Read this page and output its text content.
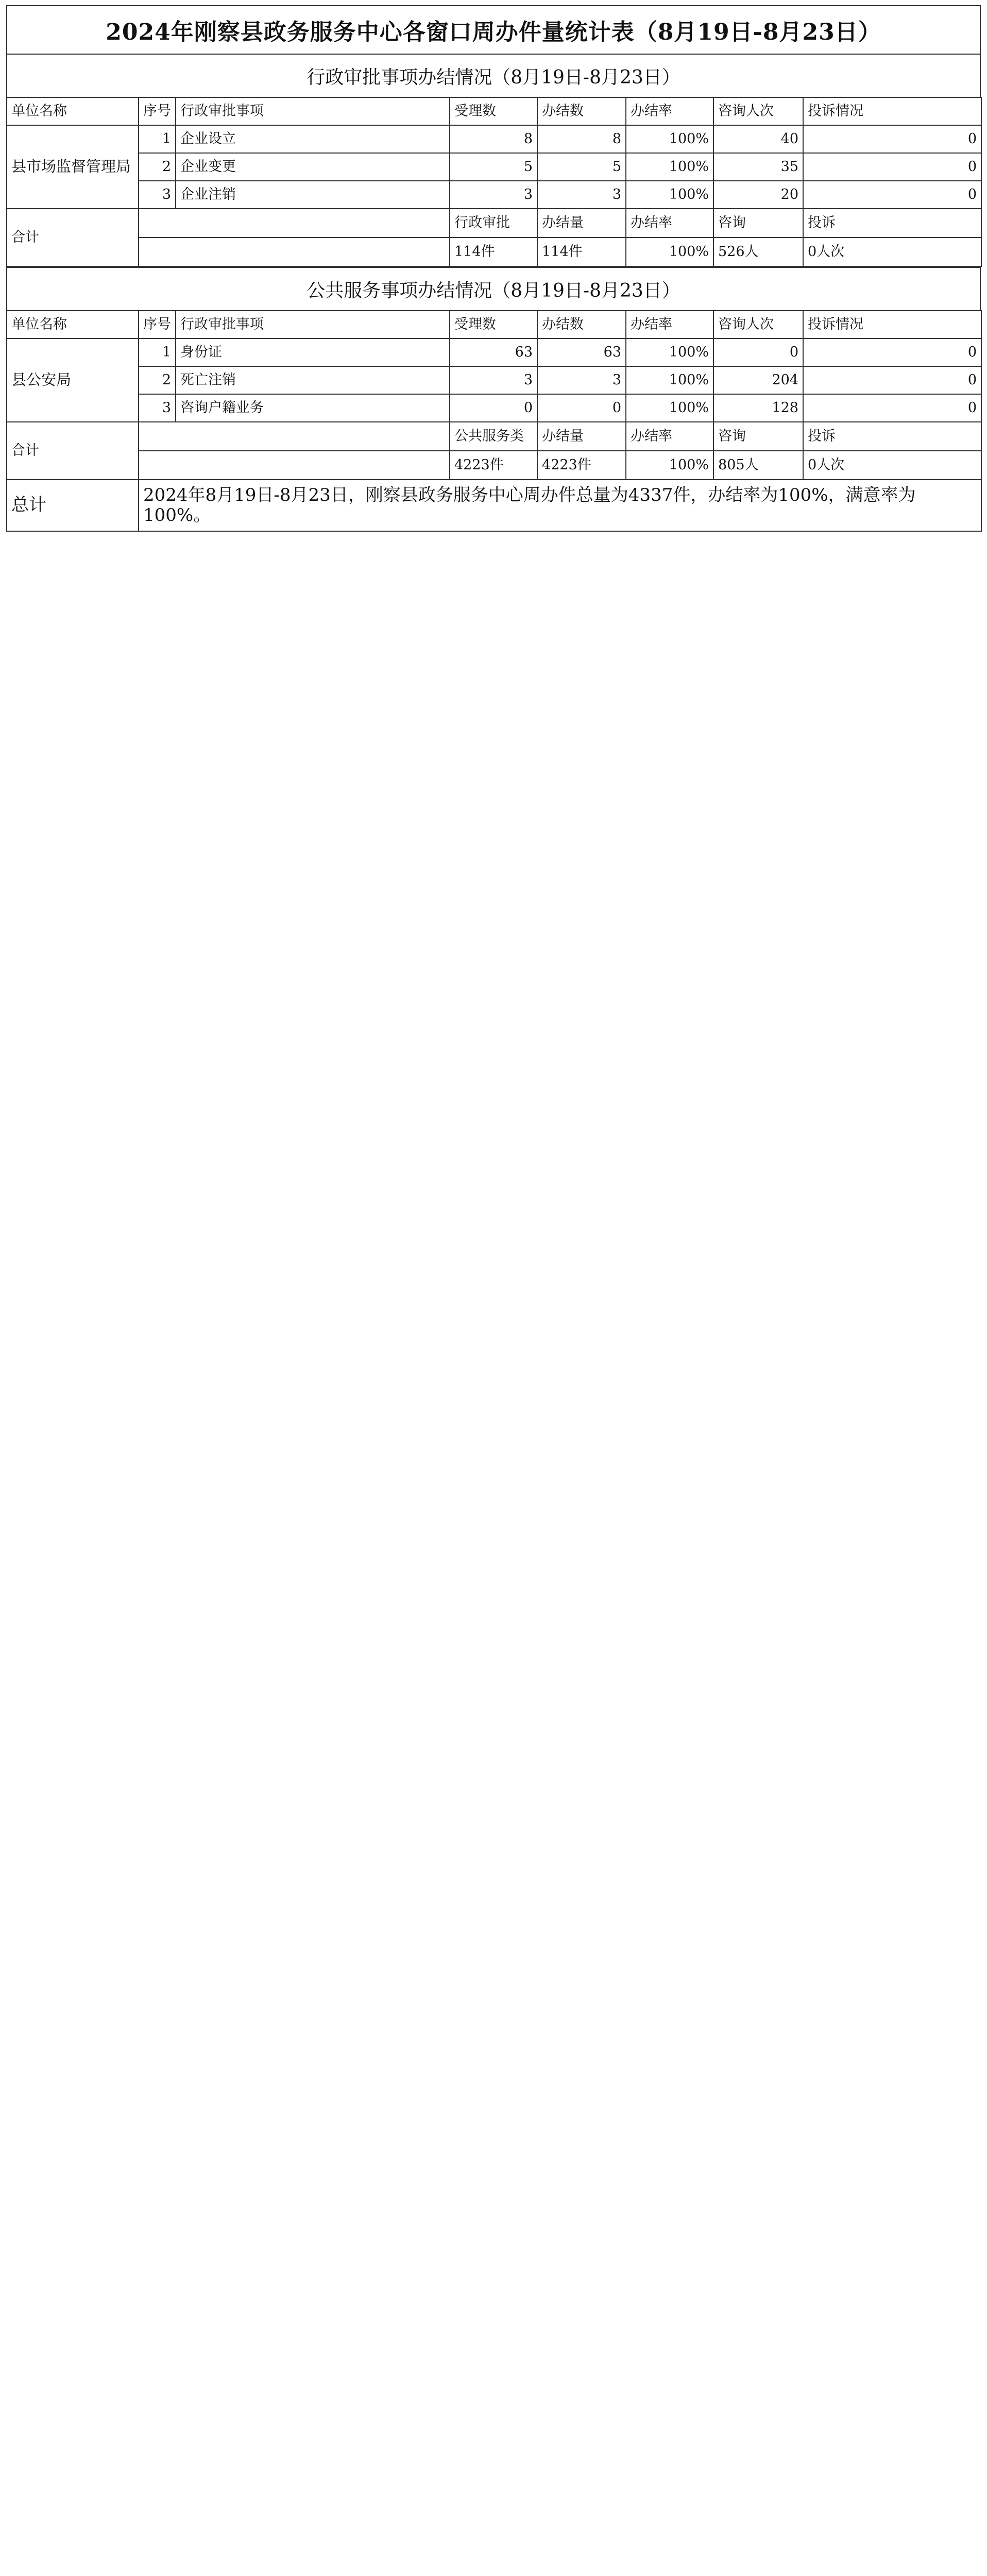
2024年刚察县政务服务中心各窗口周办件量统计表（8月19日-8月23日）
行政审批事项办结情况（8月19日-8月23日）
单位名称	序号	行政审批事项	受理数	办结数	办结率	咨询人次	投诉情况
县市场监督管理局	1	企业设立	8	8	100%	40	0
	2	企业变更	5	5	100%	35	0
	3	企业注销	3	3	100%	20	0
合计			行政审批	办结量	办结率	咨询	投诉
			114件	114件	100%	526人	0人次
公共服务事项办结情况（8月19日-8月23日）
单位名称	序号	行政审批事项	受理数	办结数	办结率	咨询人次	投诉情况
县公安局	1	身份证	63	63	100%	0	0
	2	死亡注销	3	3	100%	204	0
	3	咨询户籍业务	0	0	100%	128	0
合计			公共服务类	办结量	办结率	咨询	投诉
			4223件	4223件	100%	805人	0人次
总计	2024年8月19日-8月23日，刚察县政务服务中心周办件总量为4337件，办结率为100%，满意率为100%。						
